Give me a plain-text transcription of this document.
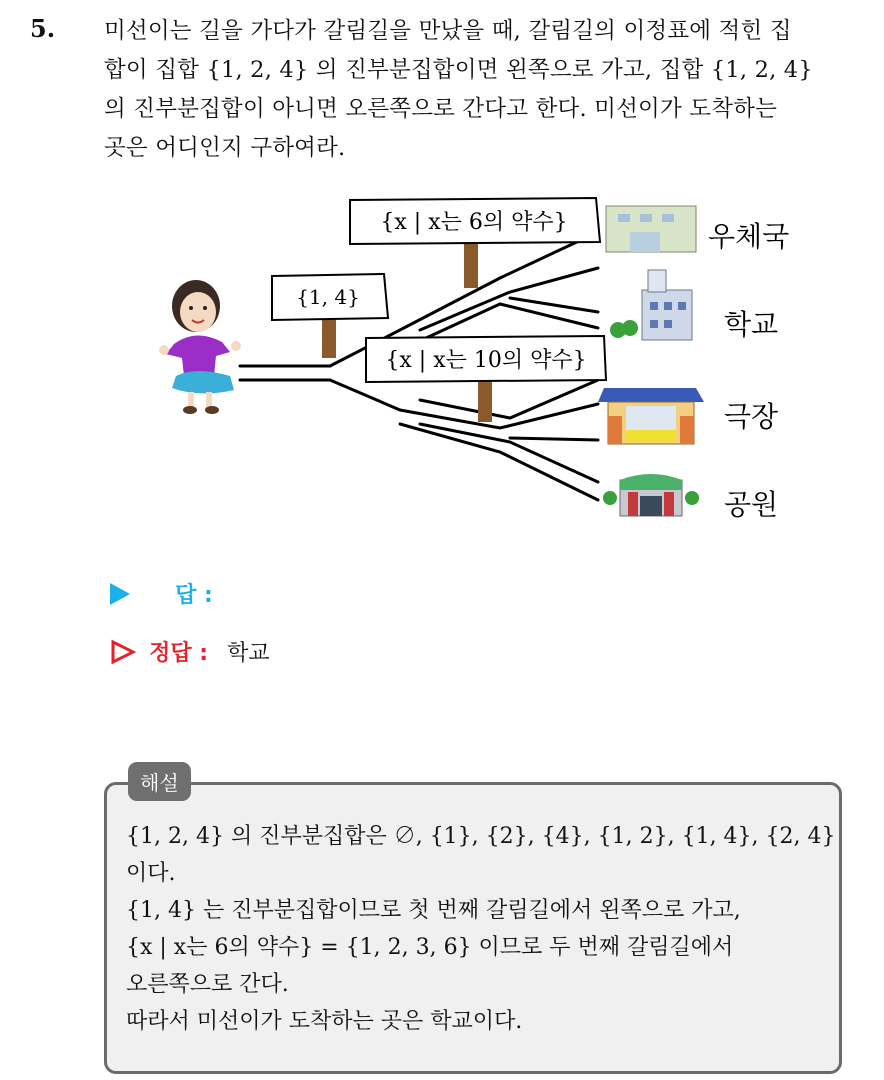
5. 미선이는 길을 가다가 갈림길을 만났을 때, 갈림길의 이정표에 적힌 집
합이 집합 {1, 2, 4} 의 진부분집합이면 왼쪽으로 가고, 집합 {1, 2, 4}
의 진부분집합이 아니면 오른쪽으로 간다고 한다. 미선이가 도착하는
곳은 어디인지 구하여라.
{1, 4}
{x | x는 6의 약수}
{x | x는 10의 약수}
우체국
학교
극장
공원
답 :
정답 : 학교
해설
{1, 2, 4} 의 진부분집합은 ∅, {1}, {2}, {4}, {1, 2}, {1, 4}, {2, 4}
이다.
{1, 4} 는 진부분집합이므로 첫 번째 갈림길에서 왼쪽으로 가고,
{x | x는 6의 약수} = {1, 2, 3, 6} 이므로 두 번째 갈림길에서
오른쪽으로 간다.
따라서 미선이가 도착하는 곳은 학교이다.
